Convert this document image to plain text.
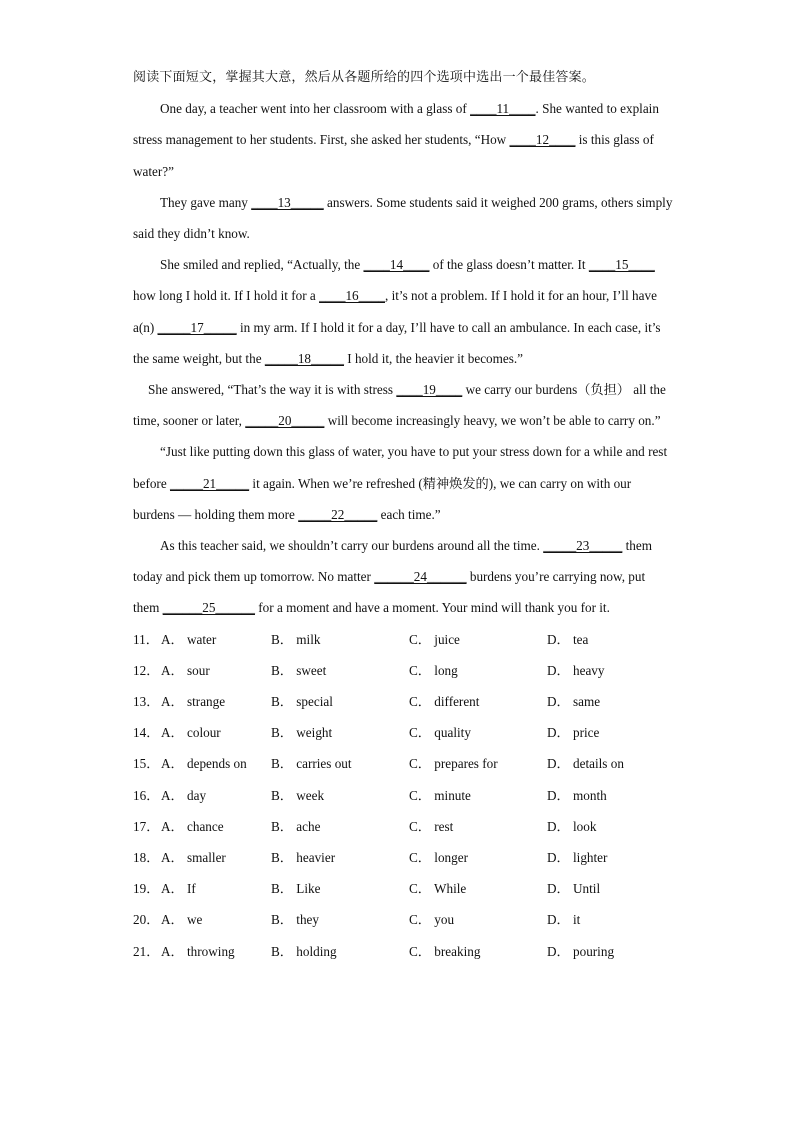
阅读下面短文，掌握其大意，然后从各题所给的四个选项中选出一个最佳答案。

One day, a teacher went into her classroom with a glass of ____11____. She wanted to explain stress management to her students. First, she asked her students, “How ____12____ is this glass of water?”

They gave many ____13_____ answers. Some students said it weighed 200 grams, others simply said they didn’t know.

She smiled and replied, “Actually, the ____14____ of the glass doesn’t matter. It ____15____ how long I hold it. If I hold it for a ____16____, it’s not a problem. If I hold it for an hour, I’ll have a(n) _____17_____ in my arm. If I hold it for a day, I’ll have to call an ambulance. In each case, it’s the same weight, but the _____18_____ I hold it, the heavier it becomes.”

She answered, “That’s the way it is with stress ____19____ we carry our burdens（负担） all the time, sooner or later, _____20_____ will become increasingly heavy, we won’t be able to carry on.”

“Just like putting down this glass of water, you have to put your stress down for a while and rest before _____21_____ it again. When we’re refreshed (精神焕发的), we can carry on with our burdens — holding them more _____22_____ each time.”

As this teacher said, we shouldn’t carry our burdens around all the time. _____23_____ them today and pick them up tomorrow. No matter ______24______ burdens you’re carrying now, put them ______25______ for a moment and have a moment. Your mind will thank you for it.

11． A． water	B． milk	C． juice	D． tea
12． A． sour	B． sweet	C． long	D． heavy
13． A． strange	B． special	C． different	D． same
14． A． colour	B． weight	C． quality	D． price
15． A． depends on B． carries out	C． prepares for	D． details on
16． A． day	B． week	C． minute	D． month
17． A． chance	B． ache	C． rest	D． look
18． A． smaller	B． heavier	C． longer	D． lighter
19． A． If	B． Like	C． While	D． Until
20． A． we	B． they	C． you	D． it
21． A． throwing	B． holding	C． breaking	D． pouring
